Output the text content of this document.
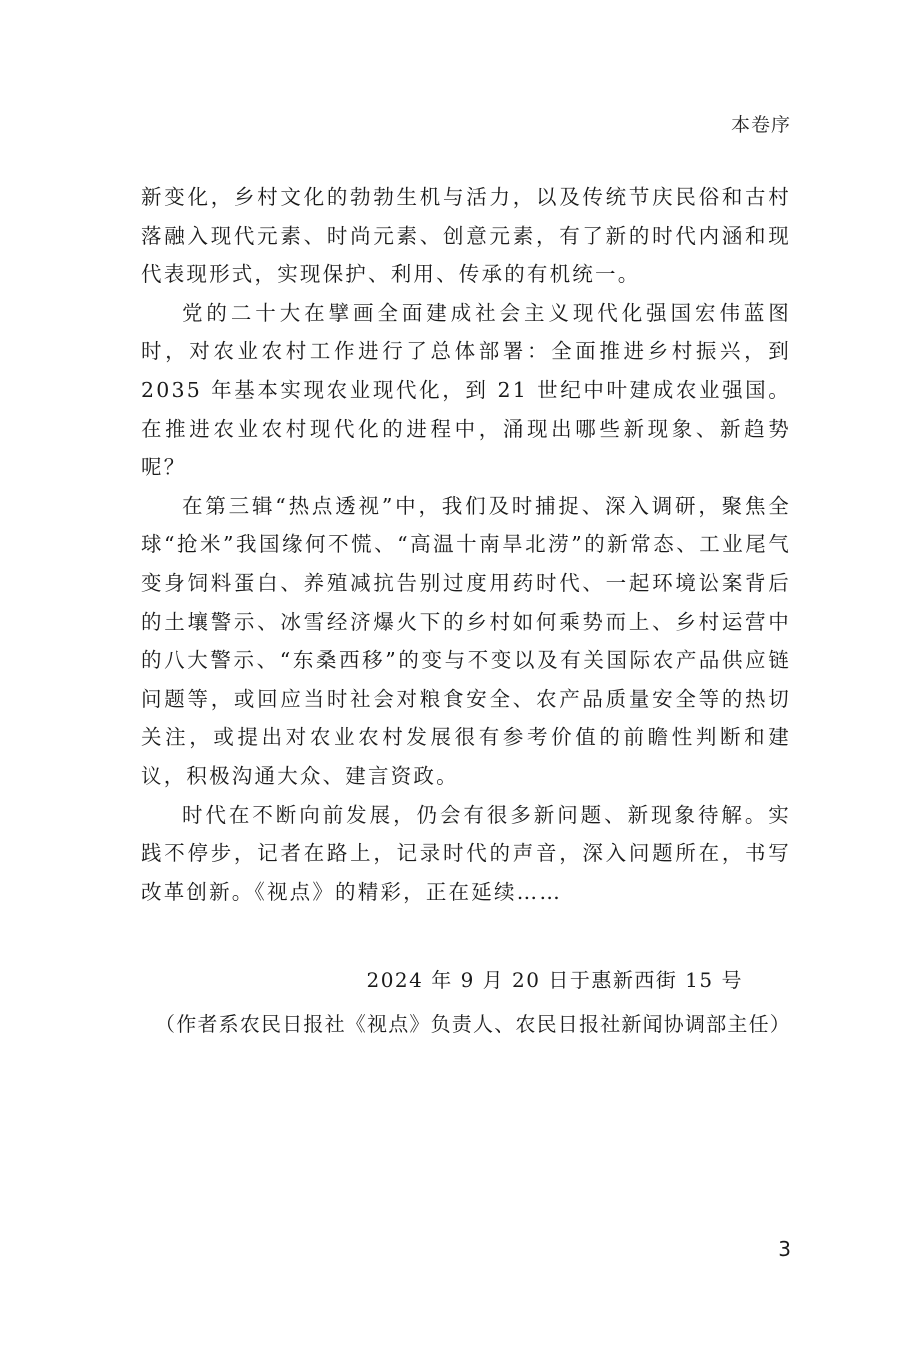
本卷序

新变化，乡村文化的勃勃生机与活力，以及传统节庆民俗和古村落融入现代元素、时尚元素、创意元素，有了新的时代内涵和现代表现形式，实现保护、利用、传承的有机统一。

党的二十大在擘画全面建成社会主义现代化强国宏伟蓝图时，对农业农村工作进行了总体部署：全面推进乡村振兴，到 2035 年基本实现农业现代化，到 21 世纪中叶建成农业强国。在推进农业农村现代化的进程中，涌现出哪些新现象、新趋势呢？

在第三辑“热点透视”中，我们及时捕捉、深入调研，聚焦全球“抢米”我国缘何不慌、“高温十南旱北涝”的新常态、工业尾气变身饲料蛋白、养殖减抗告别过度用药时代、一起环境讼案背后的土壤警示、冰雪经济爆火下的乡村如何乘势而上、乡村运营中的八大警示、“东桑西移”的变与不变以及有关国际农产品供应链问题等，或回应当时社会对粮食安全、农产品质量安全等的热切关注，或提出对农业农村发展很有参考价值的前瞻性判断和建议，积极沟通大众、建言资政。

时代在不断向前发展，仍会有很多新问题、新现象待解。实践不停步，记者在路上，记录时代的声音，深入问题所在，书写改革创新。《视点》的精彩，正在延续……

2024 年 9 月 20 日于惠新西街 15 号
（作者系农民日报社《视点》负责人、农民日报社新闻协调部主任）
3
